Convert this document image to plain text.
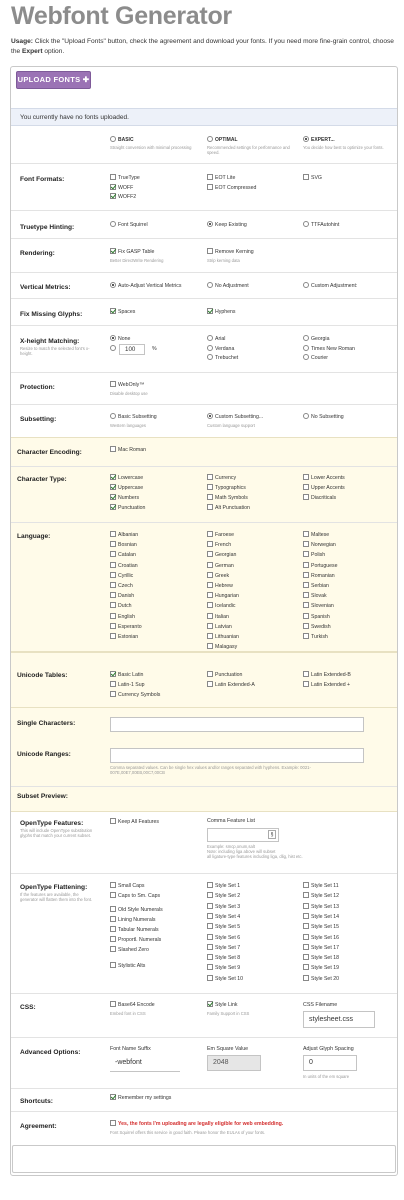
Webfont Generator
Usage: Click the "Upload Fonts" button, check the agreement and download your fonts. If you need more fine-grain control, choose the Expert option.
UPLOAD FONTS ✚
You currently have no fonts uploaded.
BASIC
Straight conversion with minimal processing
OPTIMAL
Recommended settings for performance and speed.
EXPERT...
You decide how best to optimize your fonts.
Font Formats:	TrueType
WOFF
WOFF2
EOT Lite
EOT Compressed
SVG
Truetype Hinting:	Font Squirrel	Keep Existing	TTFAutohint
Rendering:	Fix GASP Table
Better DirectWrite Rendering
Remove Kerning
Strip kerning data
Vertical Metrics:	Auto-Adjust Vertical Metrics	No Adjustment	Custom Adjustment:
Fix Missing Glyphs:	Spaces	Hyphens
X-height Matching:
Resize to match the selected font's x-height.
None
%
100
Arial
Verdana
Trebuchet
Georgia
Times New Roman
Courier
Protection:	WebOnly™
Disable desktop use
Subsetting:	Basic Subsetting
Western languages
Custom Subsetting...
Custom language support
No Subsetting
Character Encoding:	Mac Roman
Character Type:	Lowercase
Uppercase
Numbers
Punctuation
Currency
Typographics
Math Symbols
Alt Punctuation
Lower Accents
Upper Accents
Diacriticals
Language:	Albanian
Bosnian
Catalan
Croatian
Cyrillic
Czech
Danish
Dutch
English
Esperanto
Estonian
Faroese
French
Georgian
German
Greek
Hebrew
Hungarian
Icelandic
Italian
Latvian
Lithuanian
Malagasy
Maltese
Norwegian
Polish
Portuguese
Romanian
Serbian
Slovak
Slovenian
Spanish
Swedish
Turkish
Unicode Tables:	Basic Latin
Latin-1 Sup
Currency Symbols
Punctuation
Latin Extended-A
Latin Extended-B
Latin Extended +
Single Characters:
Unicode Ranges:
Comma separated values. Can be single hex values and/or ranges separated with hyphens. Example: 0021-007E,00E7,00EB,00C7,00CB
Subset Preview:
OpenType Features:
This will include OpenType substitution glyphs that match your current subset.
Keep All Features	Comma Feature List
§
Example: smcp,onum,salt
Note: including liga above will subset
all ligature-type features including liga, dlig, hist etc.
OpenType Flattening:
If the features are available, the generator will flatten them into the font.
Small Caps
Caps to Sm. Caps
Old Style Numerals
Lining Numerals
Tabular Numerals
Proportl. Numerals
Slashed Zero
Stylistic Alts
Style Set 1
Style Set 2
Style Set 3
Style Set 4
Style Set 5
Style Set 6
Style Set 7
Style Set 8
Style Set 9
Style Set 10
Style Set 11
Style Set 12
Style Set 13
Style Set 14
Style Set 15
Style Set 16
Style Set 17
Style Set 18
Style Set 19
Style Set 20
CSS:	Base64 Encode
Embed font in CSS
Style Link
Family Support in CSS
CSS Filename
stylesheet.css
Advanced Options:	Font Name Suffix
-webfont
Em Square Value
2048
Adjust Glyph Spacing
0
In units of the em square
Shortcuts:	Remember my settings
Agreement:	Yes, the fonts I'm uploading are legally eligible for web embedding.
Font Squirrel offers this service in good faith. Please honor the EULAs of your fonts.
